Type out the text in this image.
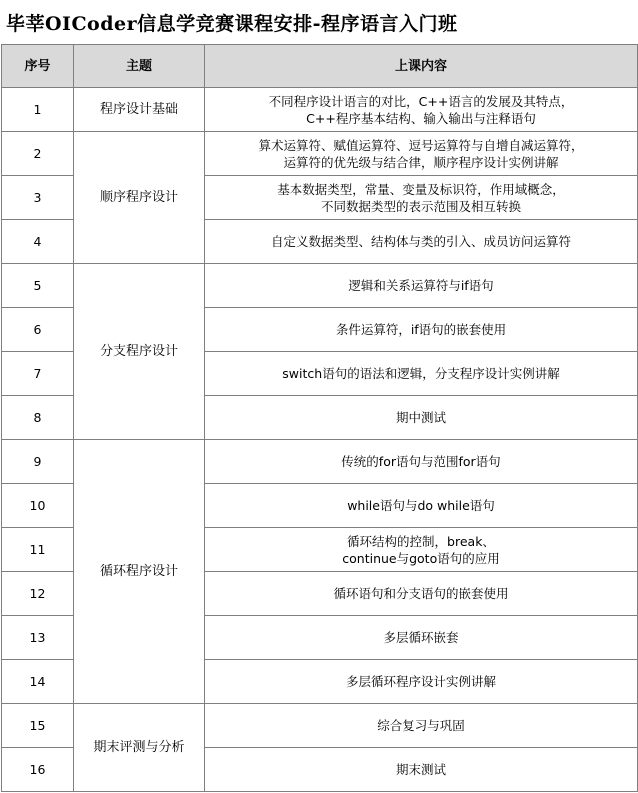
毕莘OICoder信息学竞赛课程安排-程序语言入门班
序号	主题	上课内容
1	程序设计基础	不同程序设计语言的对比，C++语言的发展及其特点，
C++程序基本结构、输入输出与注释语句

2	顺序程序设计	算术运算符、赋值运算符、逗号运算符与自增自减运算符，
运算符的优先级与结合律，顺序程序设计实例讲解

3		基本数据类型，常量、变量及标识符，作用域概念，
不同数据类型的表示范围及相互转换

4		自定义数据类型、结构体与类的引入、成员访问运算符

5	分支程序设计	逻辑和关系运算符与if语句

6		条件运算符，if语句的嵌套使用

7		switch语句的语法和逻辑，分支程序设计实例讲解

8		期中测试

9	循环程序设计	传统的for语句与范围for语句

10		while语句与do while语句

11		循环结构的控制，break、
continue与goto语句的应用

12		循环语句和分支语句的嵌套使用

13		多层循环嵌套

14		多层循环程序设计实例讲解

15	期末评测与分析	综合复习与巩固

16		期末测试
